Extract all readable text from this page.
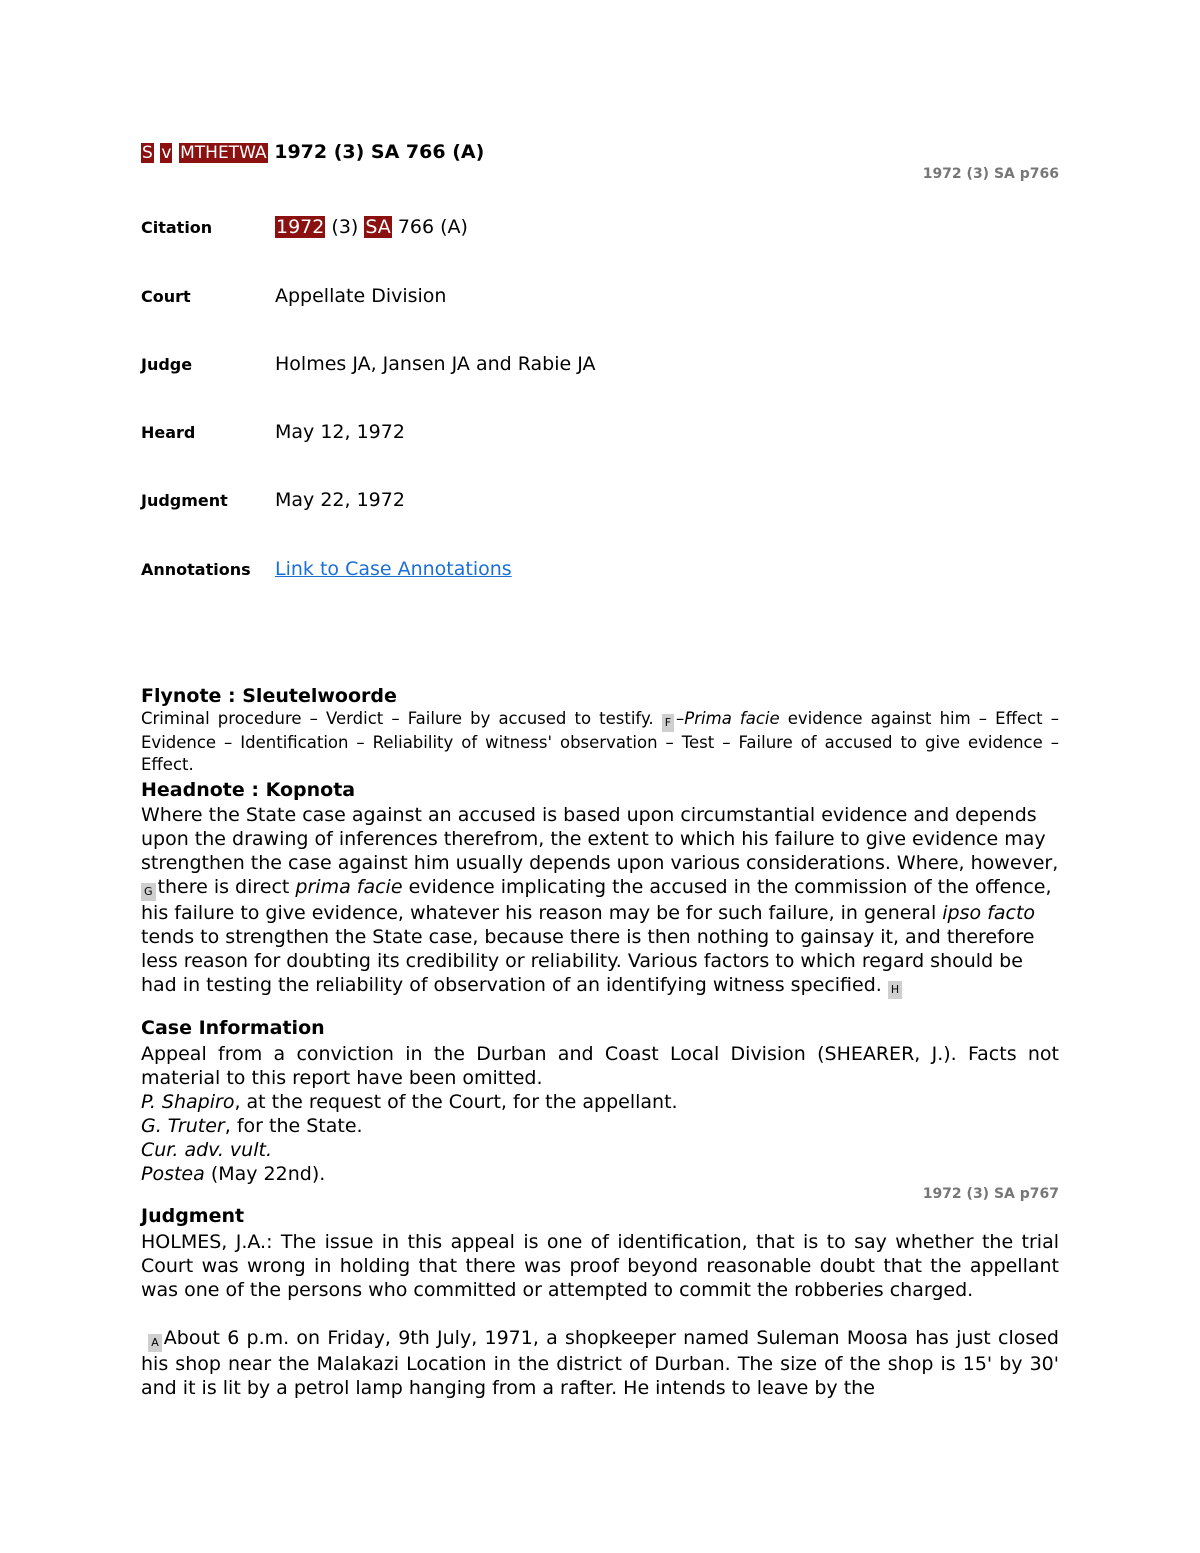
S v MTHETWA 1972 (3) SA 766 (A)
1972 (3) SA p766
Citation	1972 (3) SA 766 (A)
Court	Appellate Division
Judge	Holmes JA, Jansen JA and Rabie JA
Heard	May 12, 1972
Judgment May 22, 1972
Annotations Link to Case Annotations
Flynote : Sleutelwoorde
Criminal procedure – Verdict – Failure by accused to testify. F –Prima facie evidence against him – Effect – Evidence – Identification – Reliability of witness' observation – Test – Failure of accused to give evidence – Effect.
Headnote : Kopnota
Where the State case against an accused is based upon circumstantial evidence and depends upon the drawing of inferences therefrom, the extent to which his failure to give evidence may strengthen the case against him usually depends upon various considerations. Where, however, G there is direct prima facie evidence implicating the accused in the commission of the offence, his failure to give evidence, whatever his reason may be for such failure, in general ipso facto tends to strengthen the State case, because there is then nothing to gainsay it, and therefore less reason for doubting its credibility or reliability. Various factors to which regard should be had in testing the reliability of observation of an identifying witness specified. H
Case Information
Appeal from a conviction in the Durban and Coast Local Division (SHEARER, J.). Facts not material to this report have been omitted.
P. Shapiro, at the request of the Court, for the appellant.
G. Truter, for the State.
Cur. adv. vult.
Postea (May 22nd).
1972 (3) SA p767
Judgment
HOLMES, J.A.: The issue in this appeal is one of identification, that is to say whether the trial Court was wrong in holding that there was proof beyond reasonable doubt that the appellant was one of the persons who committed or attempted to commit the robberies charged.
A About 6 p.m. on Friday, 9th July, 1971, a shopkeeper named Suleman Moosa has just closed his shop near the Malakazi Location in the district of Durban. The size of the shop is 15' by 30' and it is lit by a petrol lamp hanging from a rafter. He intends to leave by the
